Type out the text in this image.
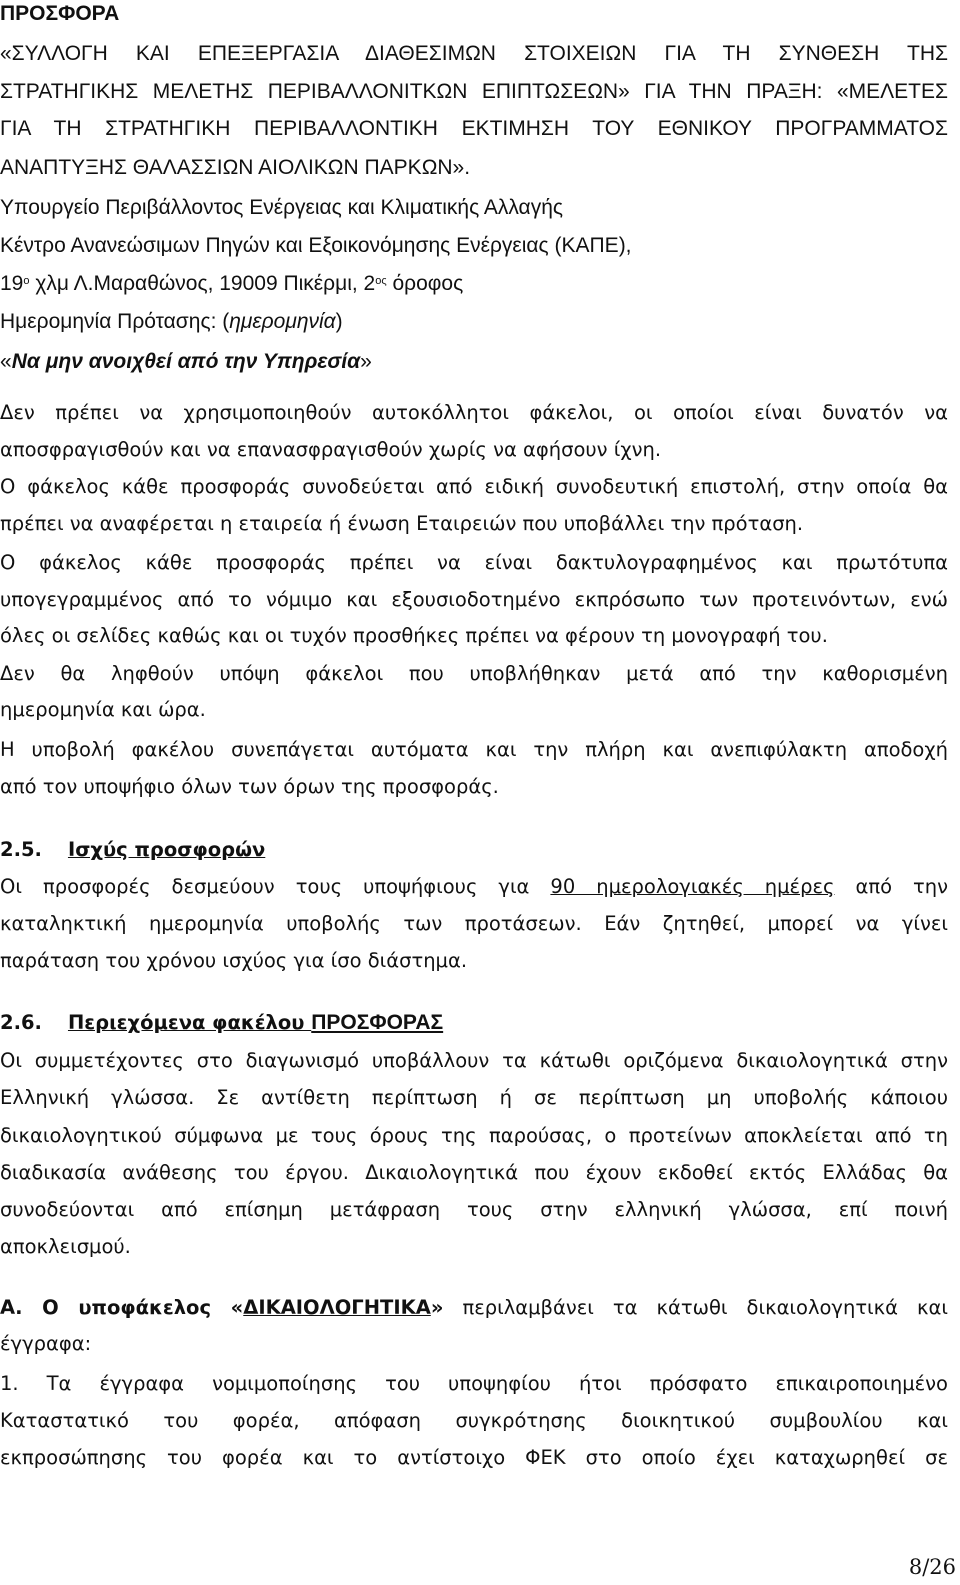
ΠΡΟΣΦΟΡΑ
«ΣΥΛΛΟΓΗ ΚΑΙ ΕΠΕΞΕΡΓΑΣΙΑ ΔΙΑΘΕΣΙΜΩΝ ΣΤΟΙΧΕΙΩΝ ΓΙΑ ΤΗ ΣΥΝΘΕΣΗ ΤΗΣ
ΣΤΡΑΤΗΓΙΚΗΣ ΜΕΛΕΤΗΣ ΠΕΡΙΒΑΛΛΟΝΙΤΚΩΝ ΕΠΙΠΤΩΣΕΩΝ» ΓΙΑ ΤΗΝ ΠΡΑΞΗ: «ΜΕΛΕΤΕΣ
ΓΙΑ ΤΗ ΣΤΡΑΤΗΓΙΚΗ ΠΕΡΙΒΑΛΛΟΝΤΙΚΗ ΕΚΤΙΜΗΣΗ ΤΟΥ ΕΘΝΙΚΟΥ ΠΡΟΓΡΑΜΜΑΤΟΣ
ΑΝΑΠΤΥΞΗΣ ΘΑΛΑΣΣΙΩΝ ΑΙΟΛΙΚΩΝ ΠΑΡΚΩΝ».
Υπουργείο Περιβάλλοντος Ενέργειας και Κλιματικής Αλλαγής
Κέντρο Ανανεώσιμων Πηγών και Εξοικονόμησης Ενέργειας (ΚΑΠΕ),
$19^o$ χλμ Λ.Μαραθώνος, 19009 Πικέρμι, $2^{o\varsigma}$ όροφος
Ημερομηνία Πρότασης: (ημερομηνία)
«Να μην ανοιχθεί από την Υπηρεσία»
Δεν πρέπει να χρησιμοποιηθούν αυτοκόλλητοι φάκελοι, οι οποίοι είναι δυνατόν να
αποσφραγισθούν και να επανασφραγισθούν χωρίς να αφήσουν ίχνη.
Ο φάκελος κάθε προσφοράς συνοδεύεται από ειδική συνοδευτική επιστολή, στην οποία θα
πρέπει να αναφέρεται η εταιρεία ή ένωση Εταιρειών που υποβάλλει την πρόταση.
Ο φάκελος κάθε προσφοράς πρέπει να είναι δακτυλογραφημένος και πρωτότυπα
υπογεγραμμένος από το νόμιμο και εξουσιοδοτημένο εκπρόσωπο των προτεινόντων, ενώ
όλες οι σελίδες καθώς και οι τυχόν προσθήκες πρέπει να φέρουν τη μονογραφή του.
Δεν θα ληφθούν υπόψη φάκελοι που υποβλήθηκαν μετά από την καθορισμένη
ημερομηνία και ώρα.
Η υποβολή φακέλου συνεπάγεται αυτόματα και την πλήρη και ανεπιφύλακτη αποδοχή
από τον υποψήφιο όλων των όρων της προσφοράς.
2.5. Ισχύς προσφορών
Οι προσφορές δεσμεύουν τους υποψήφιους για 90 ημερολογιακές ημέρες από την
καταληκτική ημερομηνία υποβολής των προτάσεων. Εάν ζητηθεί, μπορεί να γίνει
παράταση του χρόνου ισχύος για ίσο διάστημα.
2.6. Περιεχόμενα φακέλου ΠΡΟΣΦΟΡΑΣ
Οι συμμετέχοντες στο διαγωνισμό υποβάλλουν τα κάτωθι οριζόμενα δικαιολογητικά στην
Ελληνική γλώσσα. Σε αντίθετη περίπτωση ή σε περίπτωση μη υποβολής κάποιου
δικαιολογητικού σύμφωνα με τους όρους της παρούσας, ο προτείνων αποκλείεται από τη
διαδικασία ανάθεσης του έργου. Δικαιολογητικά που έχουν εκδοθεί εκτός Ελλάδας θα
συνοδεύονται από επίσημη μετάφραση τους στην ελληνική γλώσσα, επί ποινή
αποκλεισμού.
Α. Ο υποφάκελος «ΔΙΚΑΙΟΛΟΓΗΤΙΚΑ» περιλαμβάνει τα κάτωθι δικαιολογητικά και
έγγραφα:
1. Τα έγγραφα νομιμοποίησης του υποψηφίου ήτοι πρόσφατο επικαιροποιημένο
Καταστατικό του φορέα, απόφαση συγκρότησης διοικητικού συμβουλίου και
εκπροσώπησης του φορέα και το αντίστοιχο ΦΕΚ στο οποίο έχει καταχωρηθεί σε
8/26
